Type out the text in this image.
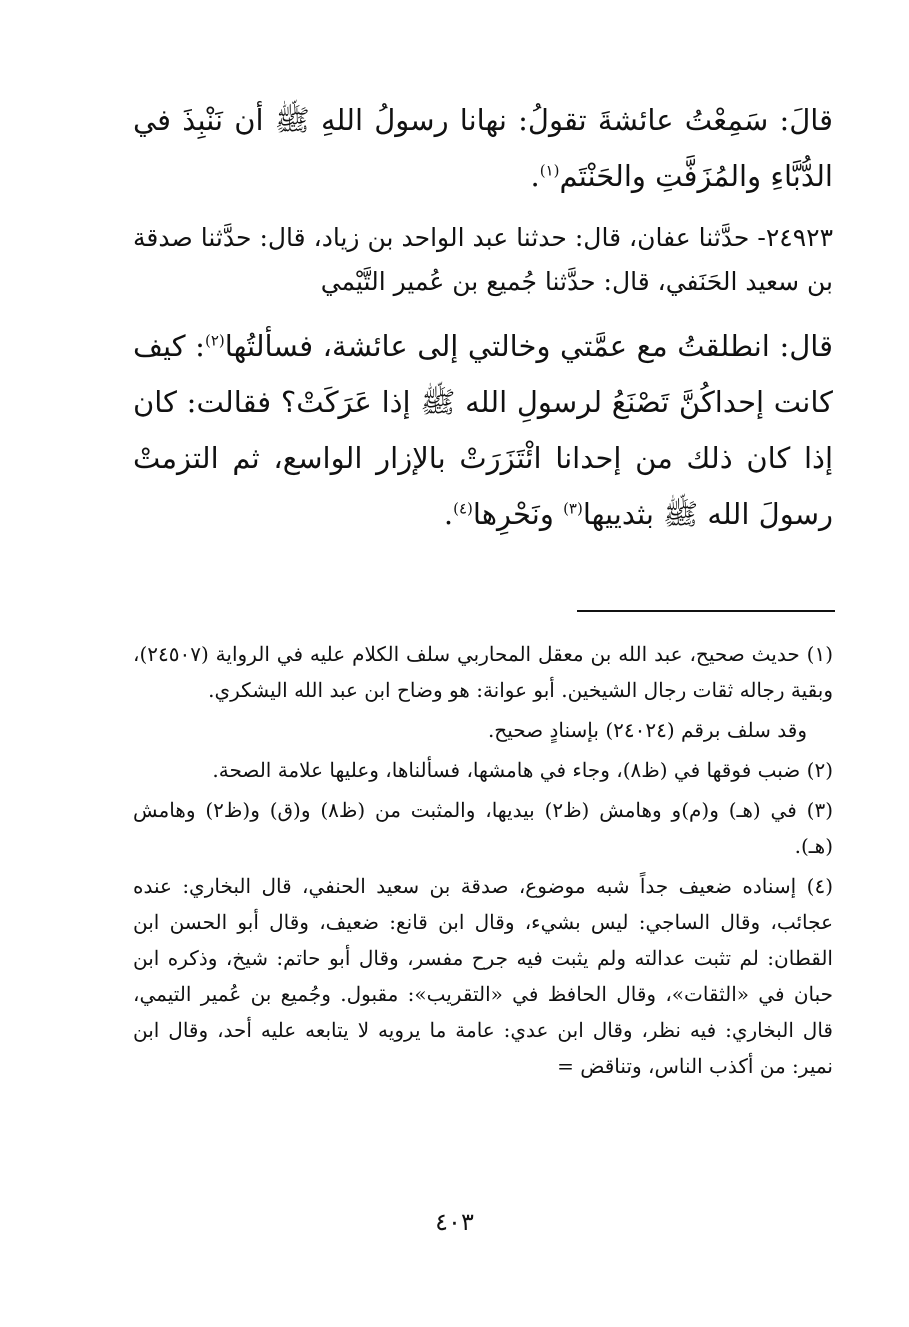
قالَ: سَمِعْتُ عائشةَ تقولُ: نهانا رسولُ اللهِ ﷺ أن نَنْبِذَ في الدُّبَّاءِ والمُزَفَّتِ والحَنْتَم$^{(١)}$.

٢٤٩٢٣- حدَّثنا عفان، قال: حدثنا عبد الواحد بن زياد، قال: حدَّثنا صدقة بن سعيد الحَنَفي، قال: حدَّثنا جُميع بن عُمير التَّيْمي

قال: انطلقتُ مع عمَّتي وخالتي إلى عائشة، فسألتُها$^{(٢)}$: كيف كانت إحداكُنَّ تَصْنَعُ لرسولِ الله ﷺ إذا عَرَكَتْ؟ فقالت: كان إذا كان ذلك من إحدانا ائْتَزَرَتْ بالإزار الواسع، ثم التزمتْ رسولَ الله ﷺ بثدييها$^{(٣)}$ ونَحْرِها$^{(٤)}$.

(١) حديث صحيح، عبد الله بن معقل المحاربي سلف الكلام عليه في الرواية (٢٤٥٠٧)، وبقية رجاله ثقات رجال الشيخين. أبو عوانة: هو وضاح ابن عبد الله اليشكري.

وقد سلف برقم (٢٤٠٢٤) بإسنادٍ صحيح.

(٢) ضبب فوقها في (ظ٨)، وجاء في هامشها، فسألناها، وعليها علامة الصحة.

(٣) في (هـ) و(م)و وهامش (ظ٢) بيديها، والمثبت من (ظ٨) و(ق) و(ظ٢) وهامش (هـ).

(٤) إسناده ضعيف جداً شبه موضوع، صدقة بن سعيد الحنفي، قال البخاري: عنده عجائب، وقال الساجي: ليس بشيء، وقال ابن قانع: ضعيف، وقال أبو الحسن ابن القطان: لم تثبت عدالته ولم يثبت فيه جرح مفسر، وقال أبو حاتم: شيخ، وذكره ابن حبان في «الثقات»، وقال الحافظ في «التقريب»: مقبول. وجُميع بن عُمير التيمي، قال البخاري: فيه نظر، وقال ابن عدي: عامة ما يرويه لا يتابعه عليه أحد، وقال ابن نمير: من أكذب الناس، وتناقض =

٤٠٣
